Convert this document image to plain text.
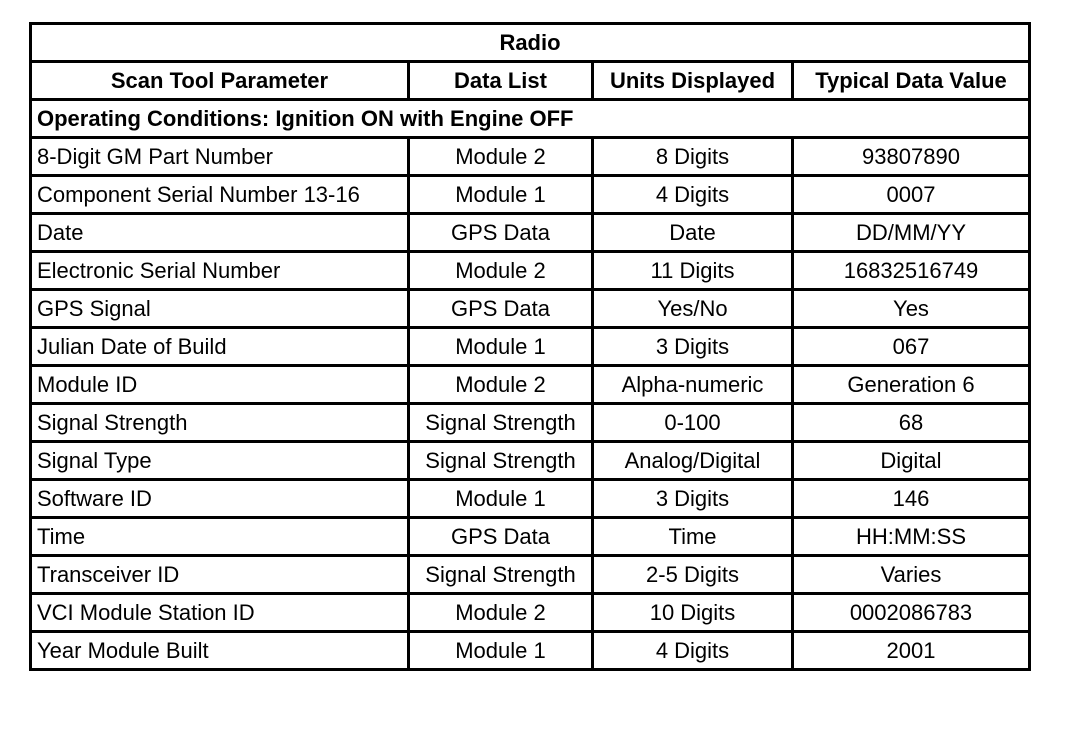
Radio			
Scan Tool Parameter	Data List	Units Displayed	Typical Data Value
Operating Conditions: Ignition ON with Engine OFF			
8-Digit GM Part Number	Module 2	8 Digits	93807890
Component Serial Number 13-16	Module 1	4 Digits	0007
Date	GPS Data	Date	DD/MM/YY
Electronic Serial Number	Module 2	11 Digits	16832516749
GPS Signal	GPS Data	Yes/No	Yes
Julian Date of Build	Module 1	3 Digits	067
Module ID	Module 2	Alpha-numeric	Generation 6
Signal Strength	Signal Strength	0-100	68
Signal Type	Signal Strength	Analog/Digital	Digital
Software ID	Module 1	3 Digits	146
Time	GPS Data	Time	HH:MM:SS
Transceiver ID	Signal Strength	2-5 Digits	Varies
VCI Module Station ID	Module 2	10 Digits	0002086783
Year Module Built	Module 1	4 Digits	2001
